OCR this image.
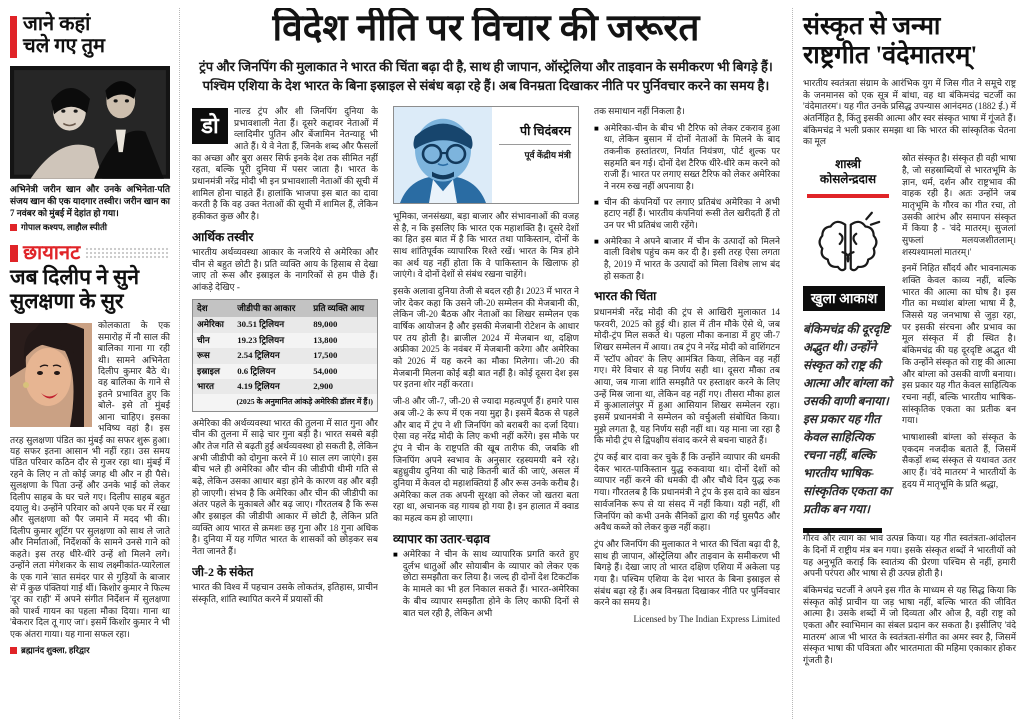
जाने कहां
चले गए तुम

अभिनेत्री जरीन खान और उनके अभिनेता-पति संजय खान की एक यादगार तस्वीर। जरीन खान का 7 नवंबर को मुंबई में देहांत हो गया।

गोपाल कश्यप, लाहौल स्पीती
छायानट
जब दिलीप ने सुने
सुलक्षणा के सुर
कोलकाता के एक समारोह में नौ साल की बालिका गाना गा रही थी। सामने अभिनेता दिलीप कुमार बैठे थे। वह बालिका के गाने से इतने प्रभावित हुए कि बोले- इसे तो मुंबई आना चाहिए। इसका भविष्य वहां है। इस तरह सुलक्षणा पंडित का मुंबई का सफर शुरू हुआ। यह सफर इतना आसान भी नहीं रहा। उस समय पंडित परिवार कठिन दौर से गुजर रहा था। मुंबई में रहने के लिए न तो कोई जगह थी और न ही पैसे। सुलक्षणा के पिता उन्हें और उनके भाई को लेकर दिलीप साहब के घर चले गए। दिलीप साहब बहुत दयालु थे। उन्होंने परिवार को अपने एक घर में रखा और सुलक्षणा को पैर जमाने में मदद भी की। दिलीप कुमार शूटिंग पर सुलक्षणा को साथ ले जाते और निर्माताओं, निर्देशकों के सामने उनसे गाने को कहते। इस तरह धीरे-धीरे उन्हें शो मिलने लगे। उन्होंने लता मंगेशकर के साथ लक्ष्मीकांत-प्यारेलाल के एक गाने 'सात समंदर पार से गुड़ियों के बाजार से' में कुछ पंक्तियां गाई थीं। किशोर कुमार ने फिल्म 'दूर का राही' में अपने संगीत निर्देशन में सुलक्षणा को पार्श्व गायन का पहला मौका दिया। गाना था 'बेकरार दिल तू गाए जा'। इसमें किशोर कुमार ने भी एक अंतरा गाया। यह गाना सफल रहा।
ब्रह्मानंद शुक्ला, हरिद्वार
विदेश नीति पर विचार की जरूरत
ट्रंप और जिनपिंग की मुलाकात ने भारत की चिंता बढ़ा दी है, साथ ही जापान, ऑस्ट्रेलिया और ताइवान के समीकरण भी बिगड़े हैं।
पश्चिम एशिया के देश भारत के बिना इस्राइल से संबंध बढ़ा रहे हैं। अब विनम्रता दिखाकर नीति पर पुर्निवचार करने का समय है।

डो
नाल्ड ट्रंप और शी जिनपिंग दुनिया के प्रभावशाली नेता हैं। दूसरे कद्दावर नेताओं में व्लादिमीर पुतिन और बेंजामिन नेतन्याहू भी आते हैं। ये वे नेता हैं, जिनके शब्द और फैसलों का अच्छा और बुरा असर सिर्फ इनके देश तक सीमित नहीं रहता, बल्कि पूरी दुनिया में पसर जाता है। भारत के प्रधानमंत्री नरेंद्र मोदी भी इन प्रभावशाली नेताओं की सूची में शामिल होना चाहते हैं। हालांकि भाजपा इस बात का दावा करती है कि वह उक्त नेताओं की सूची में शामिल हैं, लेकिन हकीकत कुछ और है।

आर्थिक तस्वीर

भारतीय अर्थव्यवस्था आकार के नजरिये से अमेरिका और चीन से बहुत छोटी है। प्रति व्यक्ति आय के हिसाब से देखा जाए तो रूस और इस्राइल के नागरिकों से हम पीछे हैं। आंकड़े देखिए -

देश	जीडीपी का आकार	प्रति व्यक्ति आय
अमेरिका	30.51 ट्रिलियन	89,000
चीन	19.23 ट्रिलियन	13,800
रूस	2.54 ट्रिलियन	17,500
इस्राइल	0.6 ट्रिलियन	54,000
भारत	4.19 ट्रिलियन	2,900
(2025 के अनुमानित आंकड़े अमेरिकी डॉलर में हैं।)		

अमेरिका की अर्थव्यवस्था भारत की तुलना में सात गुना और चीन की तुलना में साढ़े चार गुना बड़ी है। भारत सबसे बड़ी और तेज गति से बढ़ती हुई अर्थव्यवस्था हो सकती है, लेकिन अभी जीडीपी को दोगुना करने में 10 साल लग जाएंगे। इस बीच भले ही अमेरिका और चीन की जीडीपी धीमी गति से बढ़े, लेकिन उसका आधार बड़ा होने के कारण वह और बड़ी हो जाएगी। संभव है कि अमेरिका और चीन की जीडीपी का अंतर पहले के मुकाबले और बढ़ जाए। गौरतलब है कि रूस और इस्राइल की जीडीपी आकार में छोटी है, लेकिन प्रति व्यक्ति आय भारत से क्रमशः छह गुना और 18 गुना अधिक है। दुनिया में यह गणित भारत के शासकों को छोड़कर सब नेता जानते हैं।

जी-2 के संकेत

भारत की विश्व में पहचान उसके लोकतंत्र, इतिहास, प्राचीन संस्कृति, शांति स्थापित करने में प्रयासों की

पी चिदंबरम
पूर्व केंद्रीय मंत्री

भूमिका, जनसंख्या, बड़ा बाजार और संभावनाओं की वजह से है, न कि इसलिए कि भारत एक महाशक्ति है। दूसरे देशों का हित इस बात में है कि भारत तथा पाकिस्तान, दोनों के साथ शांतिपूर्वक व्यापारिक रिश्ते रखें। भारत के मित्र होने का अर्थ यह नहीं होता कि वे पाकिस्तान के खिलाफ हो जाएंगे। वे दोनों देशों से संबंध रखना चाहेंगे।

इसके अलावा दुनिया तेजी से बदल रही है। 2023 में भारत ने जोर देकर कहा कि उसने जी-20 सम्मेलन की मेजबानी की, लेकिन जी-20 बैठक और नेताओं का शिखर सम्मेलन एक वार्षिक आयोजन है और इसकी मेजबानी रोटेशन के आधार पर तय होती है। ब्राजील 2024 में मेजबान था, दक्षिण अफ्रीका 2025 के नवंबर में मेजबानी करेगा और अमेरिका को 2026 में यह करने का मौका मिलेगा। जी-20 की मेजबानी मिलना कोई बड़ी बात नहीं है। कोई दूसरा देश इस पर इतना शोर नहीं करता।

जी-8 और जी-7, जी-20 से ज्यादा महत्वपूर्ण हैं। हमारे पास अब जी-2 के रूप में एक नया मुद्दा है। इसमें बैठक से पहले और बाद में ट्रंप ने शी जिनपिंग को बराबरी का दर्जा दिया। ऐसा वह नरेंद्र मोदी के लिए कभी नहीं करेंगे। इस मौके पर ट्रंप ने चीन के राष्ट्रपति की खूब तारीफ की, जबकि शी जिनपिंग अपने स्वभाव के अनुसार रहस्यमयी बने रहे। बहुध्रुवीय दुनिया की चाहे कितनी बातें की जाएं, असल में दुनिया में केवल दो महाशक्तियां हैं और रूस उनके करीब है। अमेरिका कल तक अपनी सुरक्षा को लेकर जो खतरा बता रहा था, अचानक वह गायब हो गया है। इन हालात में क्वाड का महत्व कम हो जाएगा।

व्यापार का उतार-चढ़ाव
■ अमेरिका ने चीन के साथ व्यापारिक प्रगति करते हुए दुर्लभ धातुओं और सोयाबीन के व्यापार को लेकर एक छोटा समझौता कर लिया है। जल्द ही दोनों देश टिकटॉक के मामले का भी हल निकाल सकते हैं। भारत-अमेरिका के बीच व्यापार समझौता होने के लिए काफी दिनों से बात चल रही है, लेकिन अभी

तक समाधान नहीं निकला है।

■ अमेरिका-चीन के बीच भी टैरिफ को लेकर टकराव हुआ था, लेकिन बुसान में दोनों नेताओं के मिलने के बाद तकनीक हस्तांतरण, निर्यात नियंत्रण, पोर्ट शुल्क पर सहमति बन गई। दोनों देश टैरिफ धीरे-धीरे कम करने को राजी हैं। भारत पर लगाए सख्त टैरिफ को लेकर अमेरिका ने नरम रुख नहीं अपनाया है।
■ चीन की कंपनियों पर लगाए प्रतिबंध अमेरिका ने अभी हटाए नहीं हैं। भारतीय कंपनियां रूसी तेल खरीदती हैं तो उन पर भी प्रतिबंध जारी रहेंगे।
■ अमेरिका ने अपने बाजार में चीन के उत्पादों को मिलने वाली विशेष पहुंच कम कर दी है। इसी तरह ऐसा लगता है, 2019 में भारत के उत्पादों को मिला विशेष लाभ बंद हो सकता है।
भारत की चिंता

प्रधानमंत्री नरेंद्र मोदी की ट्रंप से आखिरी मुलाकात 14 फरवरी, 2025 को हुई थी। हाल में तीन मौके ऐसे थे, जब मोदी-ट्रंप मिल सकते थे। पहला मौका कनाडा में हुए जी-7 शिखर सम्मेलन में आया। तब ट्रंप ने नरेंद्र मोदी को वाशिंगटन में 'स्टॉप ओवर' के लिए आमंत्रित किया, लेकिन वह नहीं गए। मेरे विचार से यह निर्णय सही था। दूसरा मौका तब आया, जब गाजा शांति समझौते पर हस्ताक्षर करने के लिए उन्हें मिस्र जाना था, लेकिन वह नहीं गए। तीसरा मौका हाल में कुआलालंपुर में हुआ आसियान शिखर सम्मेलन रहा। इसमें प्रधानमंत्री ने सम्मेलन को वर्चुअली संबोधित किया। मुझे लगता है, यह निर्णय सही नहीं था। यह माना जा रहा है कि मोदी ट्रंप से द्विपक्षीय संवाद करने से बचना चाहते हैं।

ट्रंप कई बार दावा कर चुके हैं कि उन्होंने व्यापार की धमकी देकर भारत-पाकिस्तान युद्ध रुकवाया था। दोनों देशों को व्यापार नहीं करने की धमकी दी और चौथे दिन युद्ध रुक गया। गौरतलब है कि प्रधानमंत्री ने ट्रंप के इस दावे का खंडन सार्वजनिक रूप से या संसद में नहीं किया। यही नहीं, शी जिनपिंग को कभी उनके सैनिकों द्वारा की गई घुसपैठ और अवैध कब्जे को लेकर कुछ नहीं कहा।

ट्रंप और जिनपिंग की मुलाकात ने भारत की चिंता बढ़ा दी है, साथ ही जापान, ऑस्ट्रेलिया और ताइवान के समीकरण भी बिगड़े हैं। देखा जाए तो भारत दक्षिण एशिया में अकेला पड़ गया है। पश्चिम एशिया के देश भारत के बिना इस्राइल से संबंध बढ़ा रहे हैं। अब विनम्रता दिखाकर नीति पर पुर्निवचार करने का समय है।

Licensed by The Indian Express Limited
संस्कृत से जन्मा
राष्ट्रगीत 'वंदेमातरम्'

भारतीय स्वतंत्रता संग्राम के आरंभिक युग में जिस गीत ने समूचे राष्ट्र के जनमानस को एक सूत्र में बांधा, वह था बंकिमचंद्र चटर्जी का 'वंदेमातरम'। यह गीत उनके प्रसिद्ध उपन्यास आनंदमठ (1882 ई.) में अंतर्निहित है, किंतु इसकी आत्मा और स्वर संस्कृत भाषा में गूंजते हैं। बंकिमचंद्र ने भली प्रकार समझा था कि भारत की सांस्कृतिक चेतना का मूल

शास्त्री
कोसलेन्द्रदास
खुला आकाश
बंकिमचंद्र की दूरदृष्टि अद्भुत थी। उन्होंने संस्कृत को राष्ट्र की आत्मा और बांग्ला को उसकी वाणी बनाया। इस प्रकार यह गीत केवल साहित्यिक रचना नहीं, बल्कि भारतीय भाषिक-सांस्कृतिक एकता का प्रतीक बन गया।

स्रोत संस्कृत है। संस्कृत ही वही भाषा है, जो सहस्राब्दियों से भारतभूमि के ज्ञान, धर्म, दर्शन और राष्ट्रभाव की वाहक रही है। अतः उन्होंने जब मातृभूमि के गौरव का गीत रचा, तो उसकी आरंभ और समापन संस्कृत में किया है - 'वंदे मातरम्। सुजलां सुफलां मलयजशीतलाम्। शस्यश्यामलां मातरम्।'

इनमें निहित सौंदर्य और भावनात्मक शक्ति केवल काव्य नहीं, बल्कि भारत की आत्मा का घोष है। इस गीत का मध्यांश बांग्ला भाषा में है, जिससे यह जनभाषा से जुड़ा रहा, पर इसकी संरचना और प्रभाव का मूल संस्कृत में ही स्थित है। बंकिमचंद्र की यह दूरदृष्टि अद्भुत थी कि उन्होंने संस्कृत को राष्ट्र की आत्मा और बांग्ला को उसकी वाणी बनाया। इस प्रकार यह गीत केवल साहित्यिक रचना नहीं, बल्कि भारतीय भाषिक-सांस्कृतिक एकता का प्रतीक बन गया।

भाषाशास्त्री बांग्ला को संस्कृत के एकदम नजदीक बताते हैं, जिसमें सैकड़ों शब्द संस्कृत से यथावत उतर आए हैं। 'वंदे मातरम' ने भारतीयों के हृदय में मातृभूमि के प्रति श्रद्धा,

गौरव और त्याग का भाव उत्पन्न किया। यह गीत स्वतंत्रता-आंदोलन के दिनों में राष्ट्रीय मंत्र बन गया। इसके संस्कृत शब्दों ने भारतीयों को यह अनुभूति कराई कि स्वातंत्र्य की प्रेरणा पश्चिम से नहीं, हमारी अपनी परंपरा और भाषा से ही उत्पन्न होती है।

बंकिमचंद्र चटर्जी ने अपने इस गीत के माध्यम से यह सिद्ध किया कि संस्कृत कोई प्राचीन या जड़ भाषा नहीं, बल्कि भारत की जीवित आत्मा है। उसके शब्दों में जो दिव्यता और ओज है, वही राष्ट्र को एकता और स्वाभिमान का संबल प्रदान कर सकता है। इसीलिए 'वंदे मातरम' आज भी भारत के स्वतंत्रता-संगीत का अमर स्वर है, जिसमें संस्कृत भाषा की पवित्रता और भारतमाता की महिमा एकाकार होकर गूंजती है।
